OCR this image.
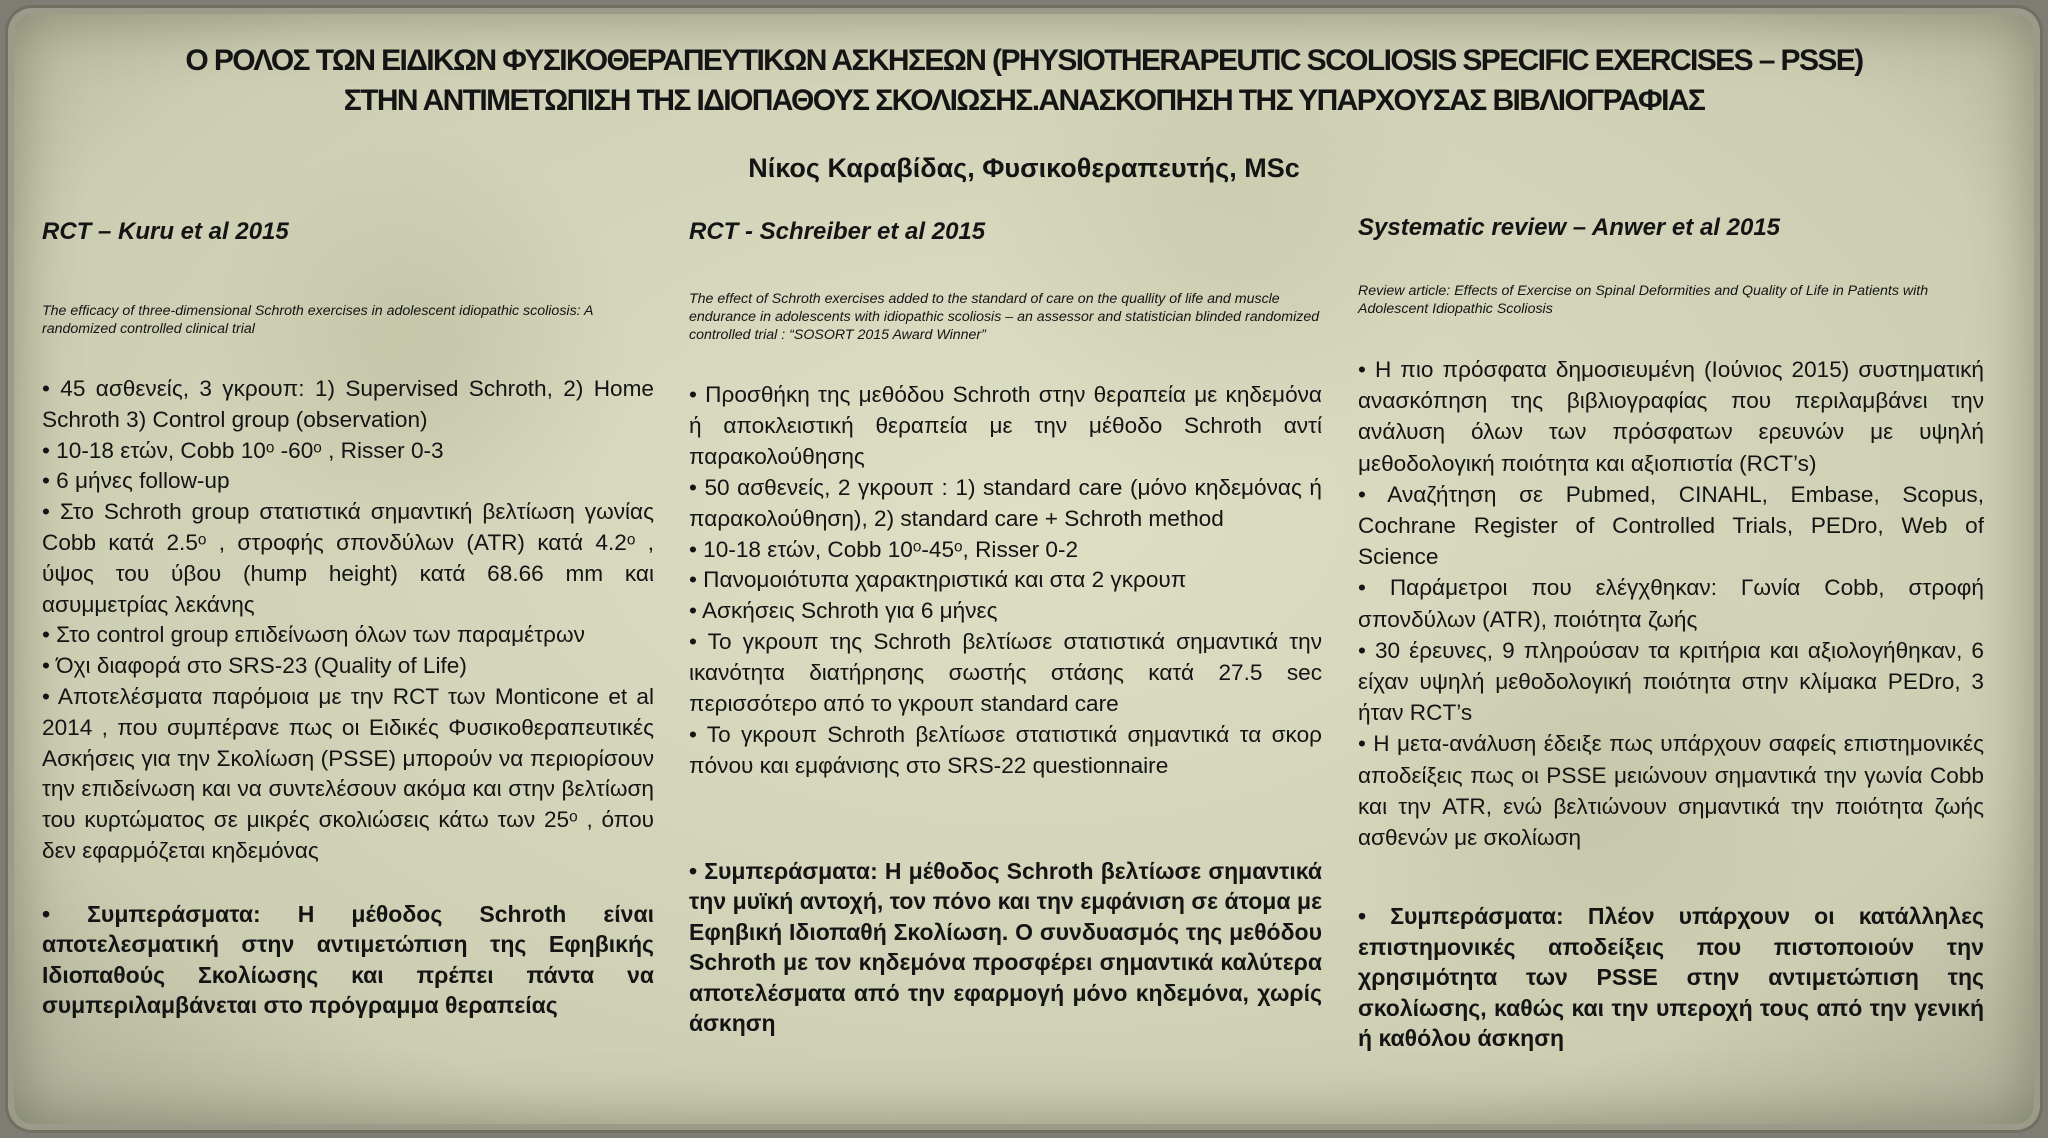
Ο ΡΟΛΟΣ ΤΩΝ ΕΙΔΙΚΩΝ ΦΥΣΙΚΟΘΕΡΑΠΕΥΤΙΚΩΝ ΑΣΚΗΣΕΩΝ (PHYSIOTHERAPEUTIC SCOLIOSIS SPECIFIC EXERCISES – PSSE)
ΣΤΗΝ ΑΝΤΙΜΕΤΩΠΙΣΗ ΤΗΣ ΙΔΙΟΠΑΘΟΥΣ ΣΚΟΛΙΩΣΗΣ.ΑΝΑΣΚΟΠΗΣΗ ΤΗΣ ΥΠΑΡΧΟΥΣΑΣ ΒΙΒΛΙΟΓΡΑΦΙΑΣ
Νίκος Καραβίδας, Φυσικοθεραπευτής, MSc

RCT – Kuru et al 2015

The efficacy of three-dimensional Schroth exercises in adolescent idiopathic scoliosis: A randomized controlled clinical trial

• 45 ασθενείς, 3 γκρουπ: 1) Supervised Schroth, 2) Home Schroth 3) Control group (observation)
• 10-18 ετών, Cobb 10ᵒ -60ᵒ , Risser 0-3
• 6 μήνες follow-up
• Στο Schroth group στατιστικά σημαντική βελτίωση γωνίας Cobb κατά 2.5ᵒ , στροφής σπονδύλων (ATR) κατά 4.2ᵒ , ύψος του ύβου (hump height) κατά 68.66 mm και ασυμμετρίας λεκάνης
• Στο control group επιδείνωση όλων των παραμέτρων
• Όχι διαφορά στο SRS-23 (Quality of Life)
• Αποτελέσματα παρόμοια με την RCT των Monticone et al 2014 , που συμπέρανε πως οι Ειδικές Φυσικοθεραπευτικές Ασκήσεις για την Σκολίωση (PSSE) μπορούν να περιορίσουν την επιδείνωση και να συντελέσουν ακόμα και στην βελτίωση του κυρτώματος σε μικρές σκολιώσεις κάτω των 25ᵒ , όπου δεν εφαρμόζεται κηδεμόνας

• Συμπεράσματα: Η μέθοδος Schroth είναι αποτελεσματική στην αντιμετώπιση της Εφηβικής Ιδιοπαθούς Σκολίωσης και πρέπει πάντα να συμπεριλαμβάνεται στο πρόγραμμα θεραπείας

RCT - Schreiber et al 2015

The effect of Schroth exercises added to the standard of care on the quallity of life and muscle endurance in adolescents with idiopathic scoliosis – an assessor and statistician blinded randomized controlled trial : “SOSORT 2015 Award Winner”

• Προσθήκη της μεθόδου Schroth στην θεραπεία με κηδεμόνα ή αποκλειστική θεραπεία με την μέθοδο Schroth αντί παρακολούθησης
• 50 ασθενείς, 2 γκρουπ : 1) standard care (μόνο κηδεμόνας ή παρακολούθηση), 2) standard care + Schroth method
• 10-18 ετών, Cobb 10ᵒ-45ᵒ, Risser 0-2
• Πανομοιότυπα χαρακτηριστικά και στα 2 γκρουπ
• Ασκήσεις Schroth για 6 μήνες
• Το γκρουπ της Schroth βελτίωσε στατιστικά σημαντικά την ικανότητα διατήρησης σωστής στάσης κατά 27.5 sec περισσότερο από το γκρουπ standard care
• Το γκρουπ Schroth βελτίωσε στατιστικά σημαντικά τα σκορ πόνου και εμφάνισης στο SRS-22 questionnaire

• Συμπεράσματα: Η μέθοδος Schroth βελτίωσε σημαντικά την μυϊκή αντοχή, τον πόνο και την εμφάνιση σε άτομα με Εφηβική Ιδιοπαθή Σκολίωση. Ο συνδυασμός της μεθόδου Schroth με τον κηδεμόνα προσφέρει σημαντικά καλύτερα αποτελέσματα από την εφαρμογή μόνο κηδεμόνα, χωρίς άσκηση

Systematic review – Anwer et al 2015

Review article: Effects of Exercise on Spinal Deformities and Quality of Life in Patients with Adolescent Idiopathic Scoliosis

• Η πιο πρόσφατα δημοσιευμένη (Ιούνιος 2015) συστηματική ανασκόπηση της βιβλιογραφίας που περιλαμβάνει την ανάλυση όλων των πρόσφατων ερευνών με υψηλή μεθοδολογική ποιότητα και αξιοπιστία (RCT’s)
• Αναζήτηση σε Pubmed, CINAHL, Embase, Scopus, Cochrane Register of Controlled Trials, PEDro, Web of Science
• Παράμετροι που ελέγχθηκαν: Γωνία Cobb, στροφή σπονδύλων (ATR), ποιότητα ζωής
• 30 έρευνες, 9 πληρούσαν τα κριτήρια και αξιολογήθηκαν, 6 είχαν υψηλή μεθοδολογική ποιότητα στην κλίμακα PEDro, 3 ήταν RCT’s
• Η μετα-ανάλυση έδειξε πως υπάρχουν σαφείς επιστημονικές αποδείξεις πως οι PSSE μειώνουν σημαντικά την γωνία Cobb και την ATR, ενώ βελτιώνουν σημαντικά την ποιότητα ζωής ασθενών με σκολίωση

• Συμπεράσματα: Πλέον υπάρχουν οι κατάλληλες επιστημονικές αποδείξεις που πιστοποιούν την χρησιμότητα των PSSE στην αντιμετώπιση της σκολίωσης, καθώς και την υπεροχή τους από την γενική ή καθόλου άσκηση
